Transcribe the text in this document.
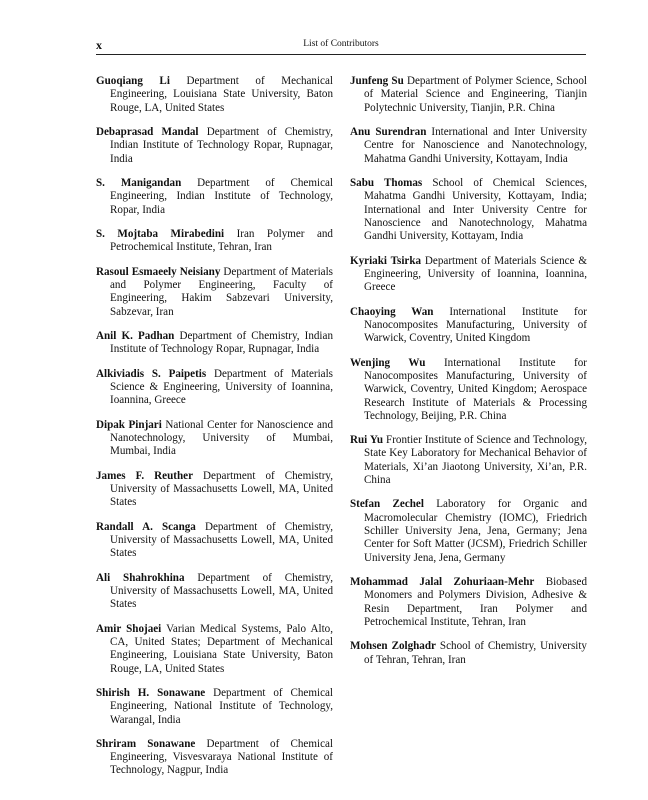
x	List of Contributors

Guoqiang Li Department of Mechanical Engineering, Louisiana State University, Baton Rouge, LA, United States

Debaprasad Mandal Department of Chemistry, Indian Institute of Technology Ropar, Rupnagar, India

S. Manigandan Department of Chemical Engineering, Indian Institute of Technology, Ropar, India

S. Mojtaba Mirabedini Iran Polymer and Petrochemical Institute, Tehran, Iran

Rasoul Esmaeely Neisiany Department of Materials and Polymer Engineering, Faculty of Engineering, Hakim Sabzevari University, Sabzevar, Iran

Anil K. Padhan Department of Chemistry, Indian Institute of Technology Ropar, Rupnagar, India

Alkiviadis S. Paipetis Department of Materials Science & Engineering, University of Ioannina, Ioannina, Greece

Dipak Pinjari National Center for Nanoscience and Nanotechnology, University of Mumbai, Mumbai, India

James F. Reuther Department of Chemistry, University of Massachusetts Lowell, MA, United States

Randall A. Scanga Department of Chemistry, University of Massachusetts Lowell, MA, United States

Ali Shahrokhina Department of Chemistry, University of Massachusetts Lowell, MA, United States

Amir Shojaei Varian Medical Systems, Palo Alto, CA, United States; Department of Mechanical Engineering, Louisiana State University, Baton Rouge, LA, United States

Shirish H. Sonawane Department of Chemical Engineering, National Institute of Technology, Warangal, India

Shriram Sonawane Department of Chemical Engineering, Visvesvaraya National Institute of Technology, Nagpur, India

Junfeng Su Department of Polymer Science, School of Material Science and Engineering, Tianjin Polytechnic University, Tianjin, P.R. China

Anu Surendran International and Inter University Centre for Nanoscience and Nanotechnology, Mahatma Gandhi University, Kottayam, India

Sabu Thomas School of Chemical Sciences, Mahatma Gandhi University, Kottayam, India; International and Inter University Centre for Nanoscience and Nanotechnology, Mahatma Gandhi University, Kottayam, India

Kyriaki Tsirka Department of Materials Science & Engineering, University of Ioannina, Ioannina, Greece

Chaoying Wan International Institute for Nanocomposites Manufacturing, University of Warwick, Coventry, United Kingdom

Wenjing Wu International Institute for Nanocomposites Manufacturing, University of Warwick, Coventry, United Kingdom; Aerospace Research Institute of Materials & Processing Technology, Beijing, P.R. China

Rui Yu Frontier Institute of Science and Technology, State Key Laboratory for Mechanical Behavior of Materials, Xi’an Jiaotong University, Xi’an, P.R. China

Stefan Zechel Laboratory for Organic and Macromolecular Chemistry (IOMC), Friedrich Schiller University Jena, Jena, Germany; Jena Center for Soft Matter (JCSM), Friedrich Schiller University Jena, Jena, Germany

Mohammad Jalal Zohuriaan-Mehr Biobased Monomers and Polymers Division, Adhesive & Resin Department, Iran Polymer and Petrochemical Institute, Tehran, Iran

Mohsen Zolghadr School of Chemistry, University of Tehran, Tehran, Iran
